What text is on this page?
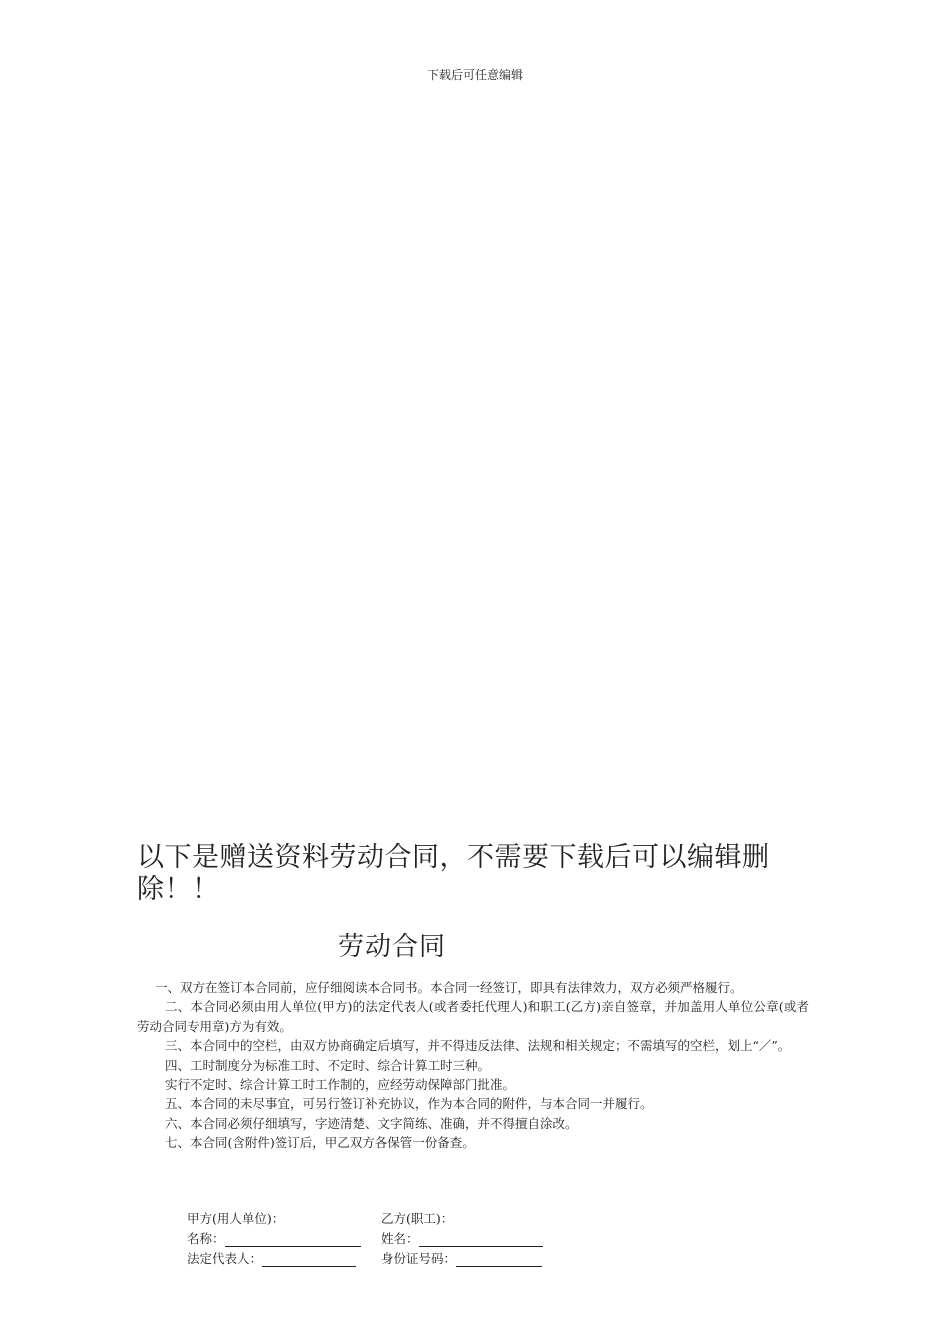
下载后可任意编辑
以下是赠送资料劳动合同，不需要下载后可以编辑删除！！
劳动合同

一、双方在签订本合同前，应仔细阅读本合同书。本合同一经签订，即具有法律效力，双方必须严格履行。

二、本合同必须由用人单位(甲方)的法定代表人(或者委托代理人)和职工(乙方)亲自签章，并加盖用人单位公章(或者劳动合同专用章)方为有效。

三、本合同中的空栏，由双方协商确定后填写，并不得违反法律、法规和相关规定；不需填写的空栏，划上“／”。

四、工时制度分为标准工时、不定时、综合计算工时三种。

实行不定时、综合计算工时工作制的，应经劳动保障部门批准。

五、本合同的未尽事宜，可另行签订补充协议，作为本合同的附件，与本合同一并履行。

六、本合同必须仔细填写，字迹清楚、文字简练、准确，并不得擅自涂改。

七、本合同(含附件)签订后，甲乙双方各保管一份备查。

甲方(用人单位)：	乙方(职工)：
名称：	姓名：
法定代表人：	身份证号码：
